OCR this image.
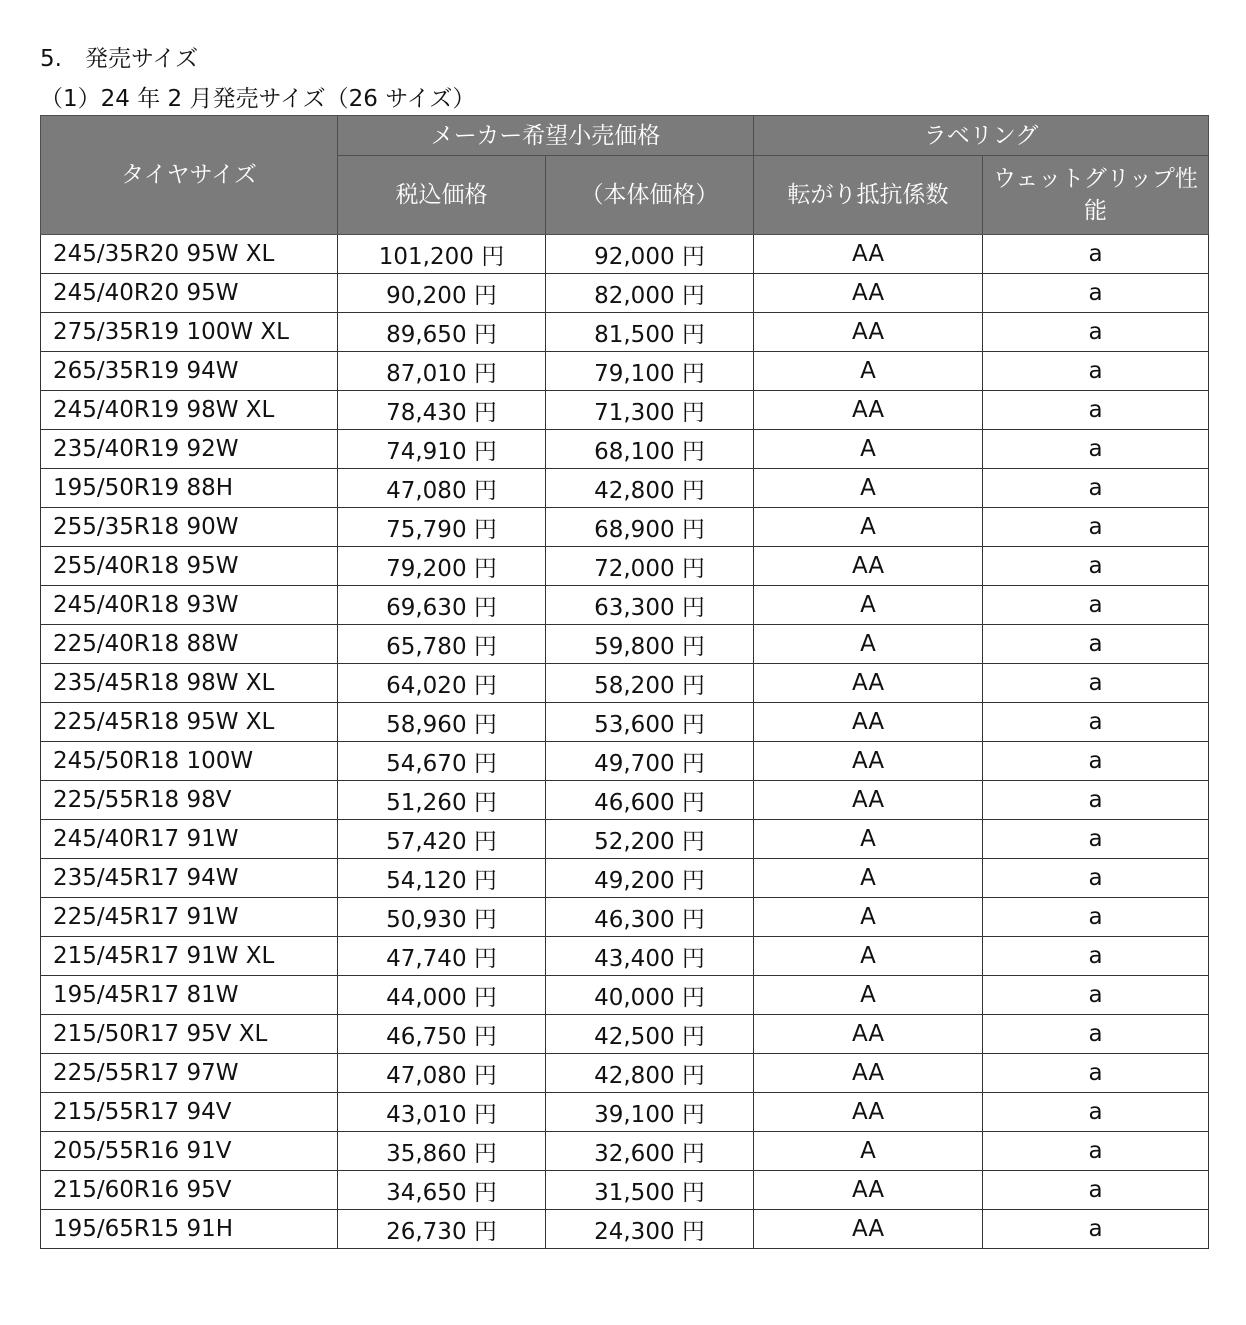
5.　発売サイズ
（1）24 年 2 月発売サイズ（26 サイズ）
タイヤサイズ	メーカー希望小売価格		ラベリング	
	税込価格	（本体価格）	転がり抵抗係数	ウェットグリップ性能
245/35R20 95W XL	101,200 円	92,000 円	AA	a
245/40R20 95W	90,200 円	82,000 円	AA	a
275/35R19 100W XL	89,650 円	81,500 円	AA	a
265/35R19 94W	87,010 円	79,100 円	A	a
245/40R19 98W XL	78,430 円	71,300 円	AA	a
235/40R19 92W	74,910 円	68,100 円	A	a
195/50R19 88H	47,080 円	42,800 円	A	a
255/35R18 90W	75,790 円	68,900 円	A	a
255/40R18 95W	79,200 円	72,000 円	AA	a
245/40R18 93W	69,630 円	63,300 円	A	a
225/40R18 88W	65,780 円	59,800 円	A	a
235/45R18 98W XL	64,020 円	58,200 円	AA	a
225/45R18 95W XL	58,960 円	53,600 円	AA	a
245/50R18 100W	54,670 円	49,700 円	AA	a
225/55R18 98V	51,260 円	46,600 円	AA	a
245/40R17 91W	57,420 円	52,200 円	A	a
235/45R17 94W	54,120 円	49,200 円	A	a
225/45R17 91W	50,930 円	46,300 円	A	a
215/45R17 91W XL	47,740 円	43,400 円	A	a
195/45R17 81W	44,000 円	40,000 円	A	a
215/50R17 95V XL	46,750 円	42,500 円	AA	a
225/55R17 97W	47,080 円	42,800 円	AA	a
215/55R17 94V	43,010 円	39,100 円	AA	a
205/55R16 91V	35,860 円	32,600 円	A	a
215/60R16 95V	34,650 円	31,500 円	AA	a
195/65R15 91H	26,730 円	24,300 円	AA	a
